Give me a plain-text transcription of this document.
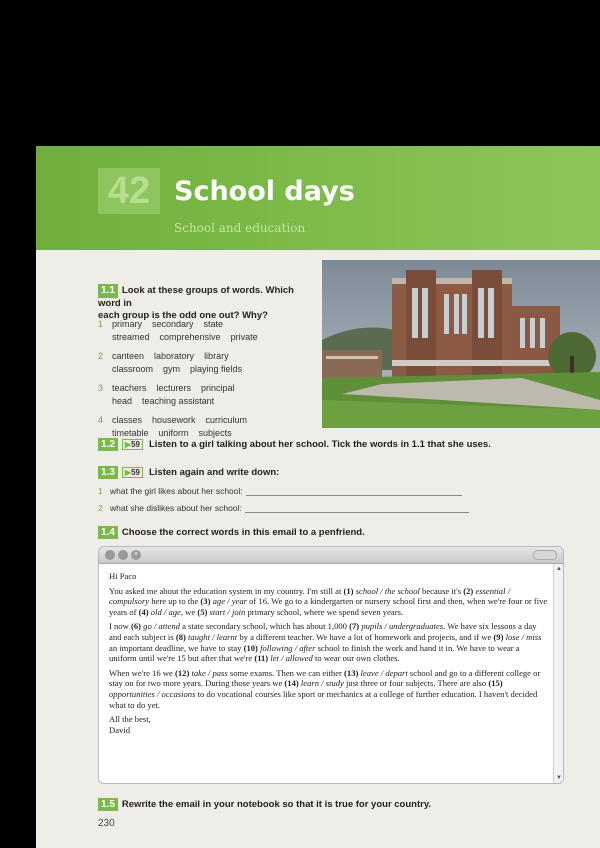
42 School days
School and education
1.1 Look at these groups of words. Which word in
each group is the odd one out? Why?
1 primary secondary state
streamed comprehensive private
2 canteen laboratory library
classroom gym playing fields
3 teachers lecturers principal
head teaching assistant
4 classes housework curriculum
timetable uniform subjects
1.2 ▶59 Listen to a girl talking about her school. Tick the words in 1.1 that she uses.
1.3 ▶59 Listen again and write down:
1 what the girl likes about her school:
2 what she dislikes about her school:
1.4 Choose the correct words in this email to a penfriend.
×
▲
▼

Hi Paco

You asked me about the education system in my country. I'm still at (1) school / the school because it's (2) essential / compulsory here up to the (3) age / year of 16. We go to a kindergarten or nursery school first and then, when we're four or five years of (4) old / age, we (5) start / join primary school, where we spend seven years.

I now (6) go / attend a state secondary school, which has about 1,000 (7) pupils / undergraduates. We have six lessons a day and each subject is (8) taught / learnt by a different teacher. We have a lot of homework and projects, and if we (9) lose / miss an important deadline, we have to stay (10) following / after school to finish the work and hand it in. We have to wear a uniform until we're 15 but after that we're (11) let / allowed to wear our own clothes.

When we're 16 we (12) take / pass some exams. Then we can either (13) leave / depart school and go to a different college or stay on for two more years. During those years we (14) learn / study just three or four subjects. There are also (15) opportunities / occasions to do vocational courses like sport or mechanics at a college of further education. I haven't decided what to do yet.

All the best,

David

1.5 Rewrite the email in your notebook so that it is true for your country.
230
